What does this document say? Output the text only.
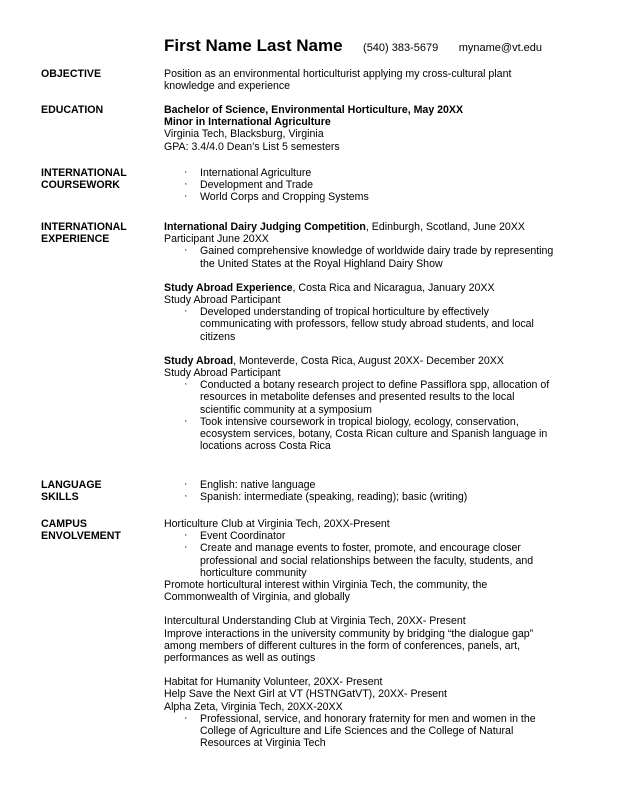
First Name Last Name (540) 383-5679 myname@vt.edu
OBJECTIVE	Position as an environmental horticulturist applying my cross-cultural plant
knowledge and experience
EDUCATION	Bachelor of Science, Environmental Horticulture, May 20XX
Minor in International Agriculture
Virginia Tech, Blacksburg, Virginia
GPA: 3.4/4.0 Dean’s List 5 semesters
INTERNATIONAL
COURSEWORK
· International Agriculture
· Development and Trade
· World Corps and Cropping Systems
INTERNATIONAL
EXPERIENCE
International Dairy Judging Competition, Edinburgh, Scotland, June 20XX
Participant June 20XX
· Gained comprehensive knowledge of worldwide dairy trade by representing
the United States at the Royal Highland Dairy Show
Study Abroad Experience, Costa Rica and Nicaragua, January 20XX
Study Abroad Participant
· Developed understanding of tropical horticulture by effectively
communicating with professors, fellow study abroad students, and local
citizens
Study Abroad, Monteverde, Costa Rica, August 20XX- December 20XX
Study Abroad Participant
· Conducted a botany research project to define Passiflora spp, allocation of
resources in metabolite defenses and presented results to the local
scientific community at a symposium
· Took intensive coursework in tropical biology, ecology, conservation,
ecosystem services, botany, Costa Rican culture and Spanish language in
locations across Costa Rica
LANGUAGE
SKILLS
· English: native language
· Spanish: intermediate (speaking, reading); basic (writing)
CAMPUS
ENVOLVEMENT
Horticulture Club at Virginia Tech, 20XX-Present
· Event Coordinator
· Create and manage events to foster, promote, and encourage closer
professional and social relationships between the faculty, students, and
horticulture community
Promote horticultural interest within Virginia Tech, the community, the
Commonwealth of Virginia, and globally
Intercultural Understanding Club at Virginia Tech, 20XX- Present
Improve interactions in the university community by bridging “the dialogue gap”
among members of different cultures in the form of conferences, panels, art,
performances as well as outings
Habitat for Humanity Volunteer, 20XX- Present
Help Save the Next Girl at VT (HSTNGatVT), 20XX- Present
Alpha Zeta, Virginia Tech, 20XX-20XX
· Professional, service, and honorary fraternity for men and women in the
College of Agriculture and Life Sciences and the College of Natural
Resources at Virginia Tech
